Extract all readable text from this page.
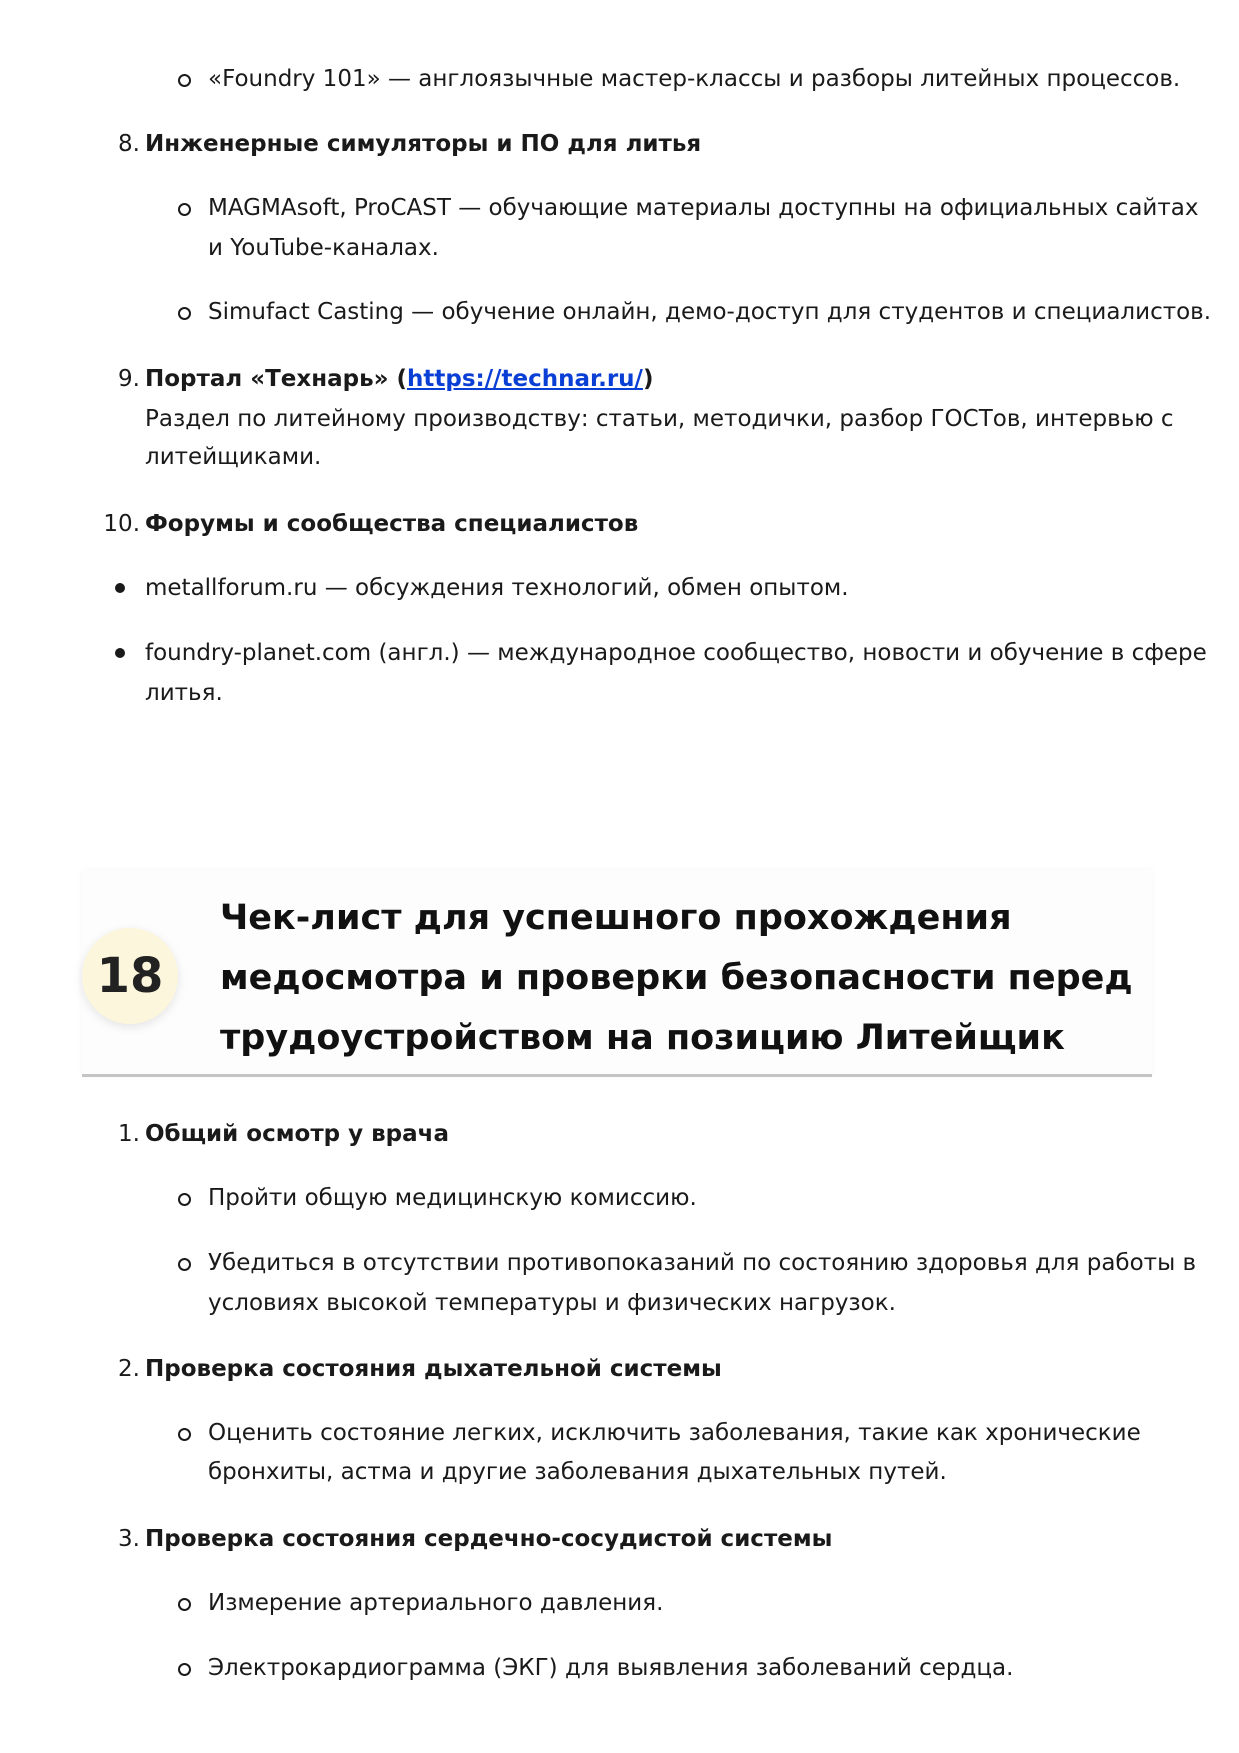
«Foundry 101» — англоязычные мастер-классы и разборы литейных процессов.
8. Инженерные симуляторы и ПО для литья
MAGMAsoft, ProCAST — обучающие материалы доступны на официальных сайтах
и YouTube-каналах.
Simufact Casting — обучение онлайн, демо-доступ для студентов и специалистов.
9. Портал «Технарь» (https://technar.ru/)
Раздел по литейному производству: статьи, методички, разбор ГОСТов, интервью с
литейщиками.
10. Форумы и сообщества специалистов
metallforum.ru — обсуждения технологий, обмен опытом.
foundry-planet.com (англ.) — международное сообщество, новости и обучение в сфере
литья.
18
Чек-лист для успешного прохождения
медосмотра и проверки безопасности перед
трудоустройством на позицию Литейщик
1. Общий осмотр у врача
Пройти общую медицинскую комиссию.
Убедиться в отсутствии противопоказаний по состоянию здоровья для работы в
условиях высокой температуры и физических нагрузок.
2. Проверка состояния дыхательной системы
Оценить состояние легких, исключить заболевания, такие как хронические
бронхиты, астма и другие заболевания дыхательных путей.
3. Проверка состояния сердечно-сосудистой системы
Измерение артериального давления.
Электрокардиограмма (ЭКГ) для выявления заболеваний сердца.
